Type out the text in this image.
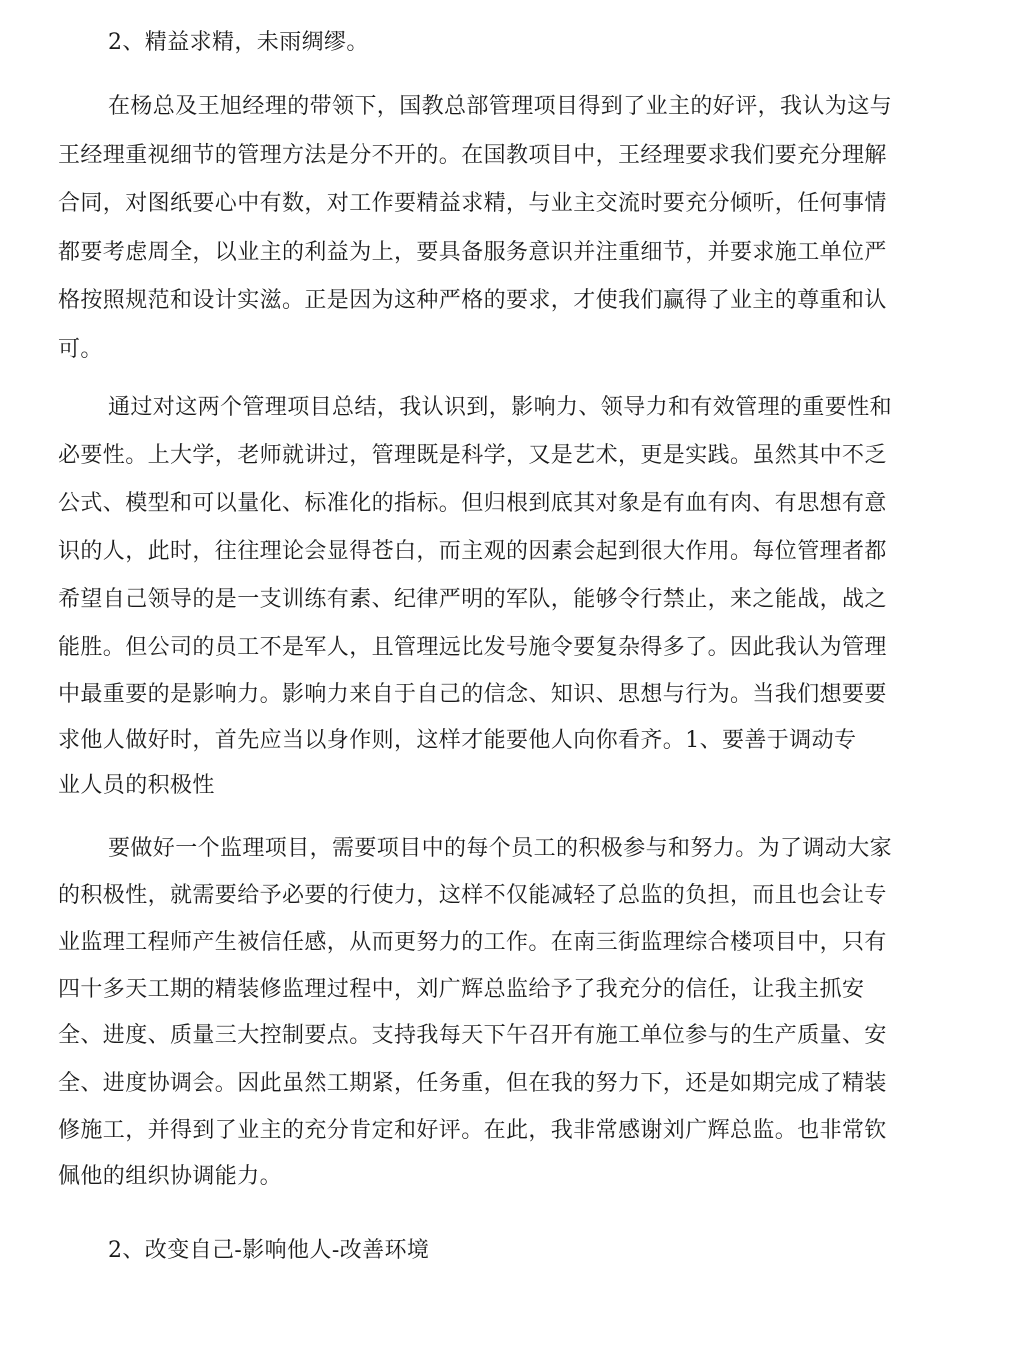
2、精益求精，未雨绸缪。
在杨总及王旭经理的带领下，国教总部管理项目得到了业主的好评，我认为这与
王经理重视细节的管理方法是分不开的。在国教项目中，王经理要求我们要充分理解
合同，对图纸要心中有数，对工作要精益求精，与业主交流时要充分倾听，任何事情
都要考虑周全，以业主的利益为上，要具备服务意识并注重细节，并要求施工单位严
格按照规范和设计实滋。正是因为这种严格的要求，才使我们赢得了业主的尊重和认
可。
通过对这两个管理项目总结，我认识到，影响力、领导力和有效管理的重要性和
必要性。上大学，老师就讲过，管理既是科学，又是艺术，更是实践。虽然其中不乏
公式、模型和可以量化、标准化的指标。但归根到底其对象是有血有肉、有思想有意
识的人，此时，往往理论会显得苍白，而主观的因素会起到很大作用。每位管理者都
希望自己领导的是一支训练有素、纪律严明的军队，能够令行禁止，来之能战，战之
能胜。但公司的员工不是军人，且管理远比发号施令要复杂得多了。因此我认为管理
中最重要的是影响力。影响力来自于自己的信念、知识、思想与行为。当我们想要要
求他人做好时，首先应当以身作则，这样才能要他人向你看齐。1、要善于调动专
业人员的积极性
要做好一个监理项目，需要项目中的每个员工的积极参与和努力。为了调动大家
的积极性，就需要给予必要的行使力，这样不仅能减轻了总监的负担，而且也会让专
业监理工程师产生被信任感，从而更努力的工作。在南三街监理综合楼项目中，只有
四十多天工期的精装修监理过程中，刘广辉总监给予了我充分的信任，让我主抓安
全、进度、质量三大控制要点。支持我每天下午召开有施工单位参与的生产质量、安
全、进度协调会。因此虽然工期紧，任务重，但在我的努力下，还是如期完成了精装
修施工，并得到了业主的充分肯定和好评。在此，我非常感谢刘广辉总监。也非常钦
佩他的组织协调能力。
2、改变自己-影响他人-改善环境
